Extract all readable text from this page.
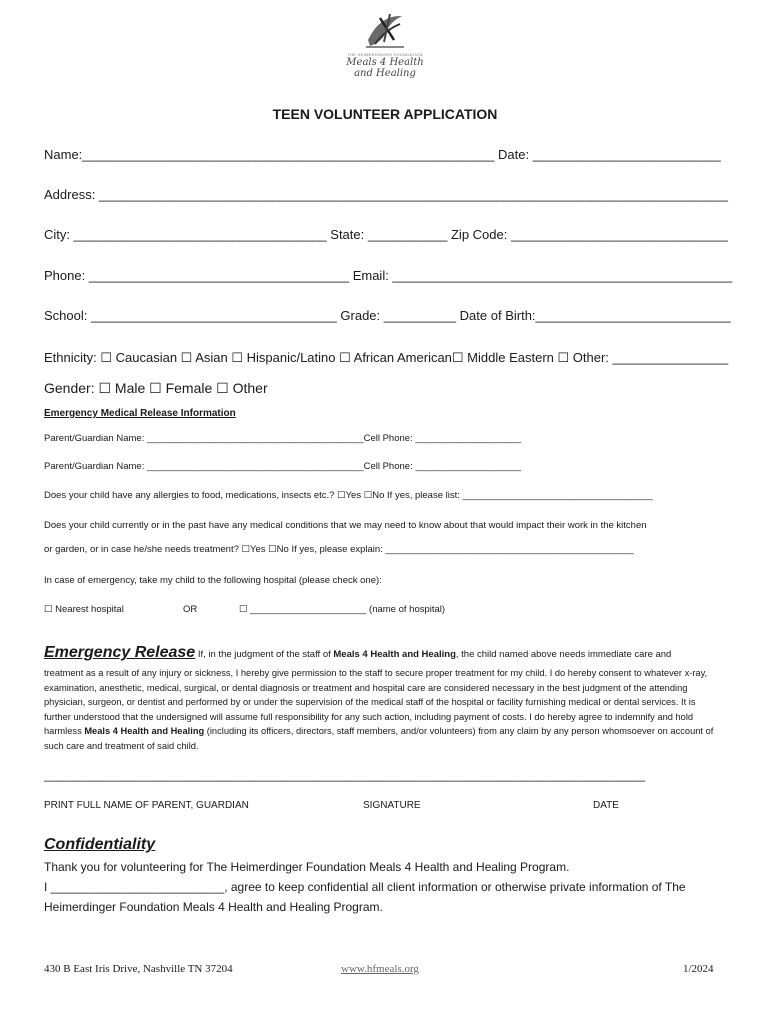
THE HEIMERDINGER FOUNDATION
Meals 4 Health
and Healing
TEEN VOLUNTEER APPLICATION
Name:_________________________________________________________ Date: __________________________
Address: _______________________________________________________________________________________
City: ___________________________________ State: ___________ Zip Code: ______________________________
Phone: ____________________________________ Email: _______________________________________________
School: __________________________________ Grade: __________ Date of Birth:___________________________
Ethnicity: ☐ Caucasian ☐ Asian ☐ Hispanic/Latino ☐ African American☐ Middle Eastern ☐ Other: ________________
Gender: ☐ Male ☐ Female ☐ Other
Emergency Medical Release Information
Parent/Guardian Name: _________________________________________Cell Phone: ____________________
Parent/Guardian Name: _________________________________________Cell Phone: ____________________
Does your child have any allergies to food, medications, insects etc.? ☐Yes ☐No If yes, please list: ____________________________________
Does your child currently or in the past have any medical conditions that we may need to know about that would impact their work in the kitchen
or garden, or in case he/she needs treatment? ☐Yes ☐No If yes, please explain: _______________________________________________
In case of emergency, take my child to the following hospital (please check one):
☐ Nearest hospital	OR	☐ ______________________ (name of hospital)
Emergency Release If, in the judgment of the staff of Meals 4 Health and Healing, the child named above needs immediate care and
treatment as a result of any injury or sickness, I hereby give permission to the staff to secure proper treatment for my child. I do hereby consent to whatever x-ray, examination, anesthetic, medical, surgical, or dental diagnosis or treatment and hospital care are considered necessary in the best judgment of the attending physician, surgeon, or dentist and performed by or under the supervision of the medical staff of the hospital or facility furnishing medical or dental services. It is further understood that the undersigned will assume full responsibility for any such action, including payment of costs. I do hereby agree to indemnify and hold harmless Meals 4 Health and Healing (including its officers, directors, staff members, and/or volunteers) from any claim by any person whomsoever on account of such care and treatment of said child.
______________________________________________________________________________________________
PRINT FULL NAME OF PARENT, GUARDIAN	SIGNATURE	DATE
Confidentiality
Thank you for volunteering for The Heimerdinger Foundation Meals 4 Health and Healing Program.
I __________________________, agree to keep confidential all client information or otherwise private information of The
Heimerdinger Foundation Meals 4 Health and Healing Program.
430 B East Iris Drive, Nashville TN 37204	www.hfmeals.org	1/2024
